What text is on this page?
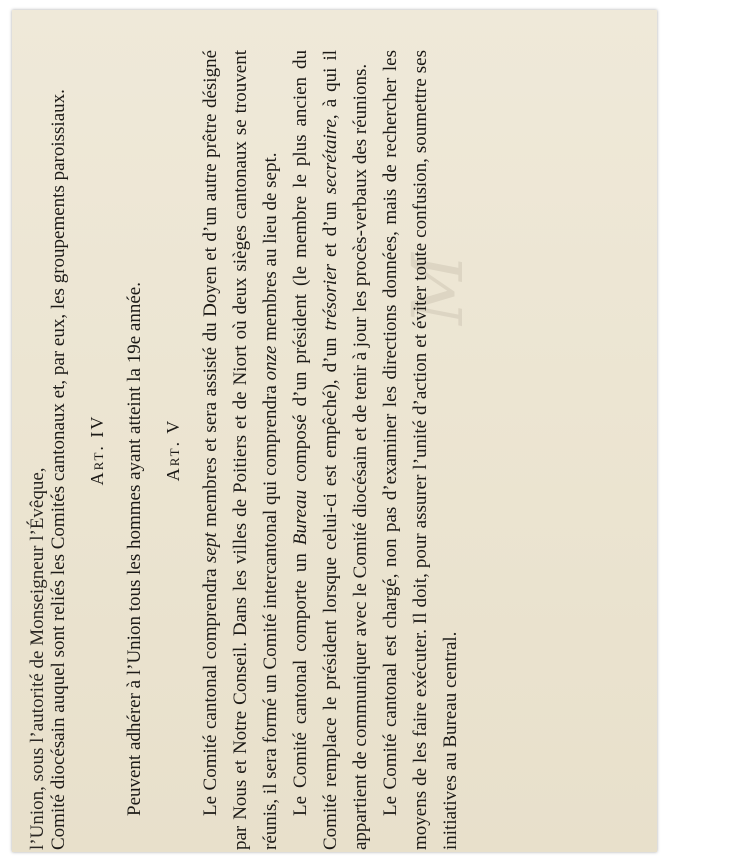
M
l’Union, sous l’autorité de Monseigneur l’Évêque, Comité diocésain auquel sont reliés les Comités cantonaux et, par eux, les groupements paroissiaux. Art. IV Peuvent adhérer à l’Union tous les hommes ayant atteint la 19e année. Art. V

Le Comité cantonal comprendra sept membres et sera assisté du Doyen et d’un autre prêtre désigné par Nous et Notre Conseil. Dans les villes de Poitiers et de Niort où deux sièges cantonaux se trouvent réunis, il sera formé un Comité intercantonal qui comprendra onze membres au lieu de sept.

Le Comité cantonal comporte un Bureau composé d’un président (le membre le plus ancien du Comité remplace le président lorsque celui-ci est empêché), d’un trésorier et d’un secrétaire, à qui il appartient de communiquer avec le Comité diocésain et de tenir à jour les procès-verbaux des réunions. Le Comité cantonal est chargé, non pas d’examiner les directions données, mais de rechercher les moyens de les faire exécuter. Il doit, pour assurer l’unité d’action et éviter toute confusion, soumettre ses initiatives au Bureau central.
